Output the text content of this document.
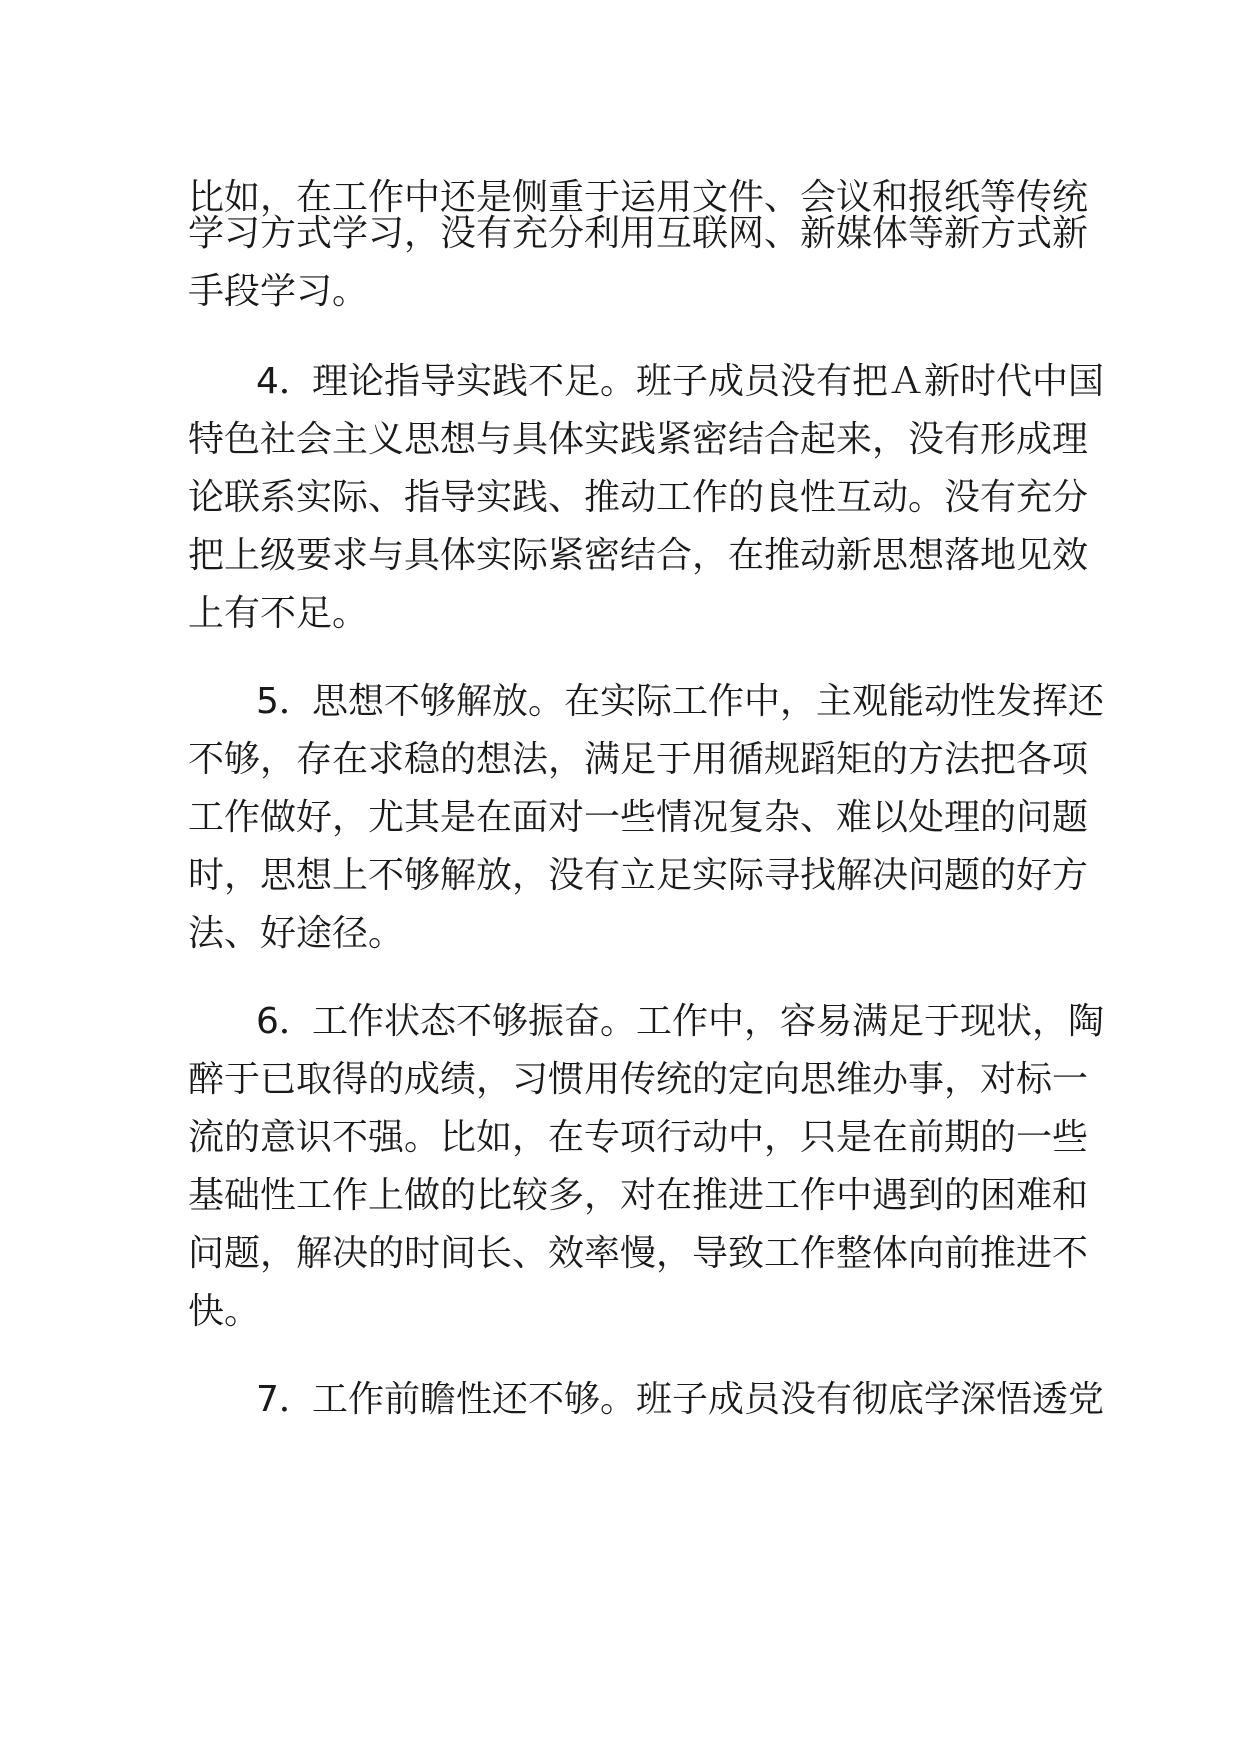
比如，在工作中还是侧重于运用文件、会议和报纸等传统
学习方式学习，没有充分利用互联网、新媒体等新方式新
手段学习。
4．理论指导实践不足。班子成员没有把Ａ新时代中国
特色社会主义思想与具体实践紧密结合起来，没有形成理
论联系实际、指导实践、推动工作的良性互动。没有充分
把上级要求与具体实际紧密结合，在推动新思想落地见效
上有不足。
5．思想不够解放。在实际工作中，主观能动性发挥还
不够，存在求稳的想法，满足于用循规蹈矩的方法把各项
工作做好，尤其是在面对一些情况复杂、难以处理的问题
时，思想上不够解放，没有立足实际寻找解决问题的好方
法、好途径。
6．工作状态不够振奋。工作中，容易满足于现状，陶
醉于已取得的成绩，习惯用传统的定向思维办事，对标一
流的意识不强。比如，在专项行动中，只是在前期的一些
基础性工作上做的比较多，对在推进工作中遇到的困难和
问题，解决的时间长、效率慢，导致工作整体向前推进不
快。
7．工作前瞻性还不够。班子成员没有彻底学深悟透党
